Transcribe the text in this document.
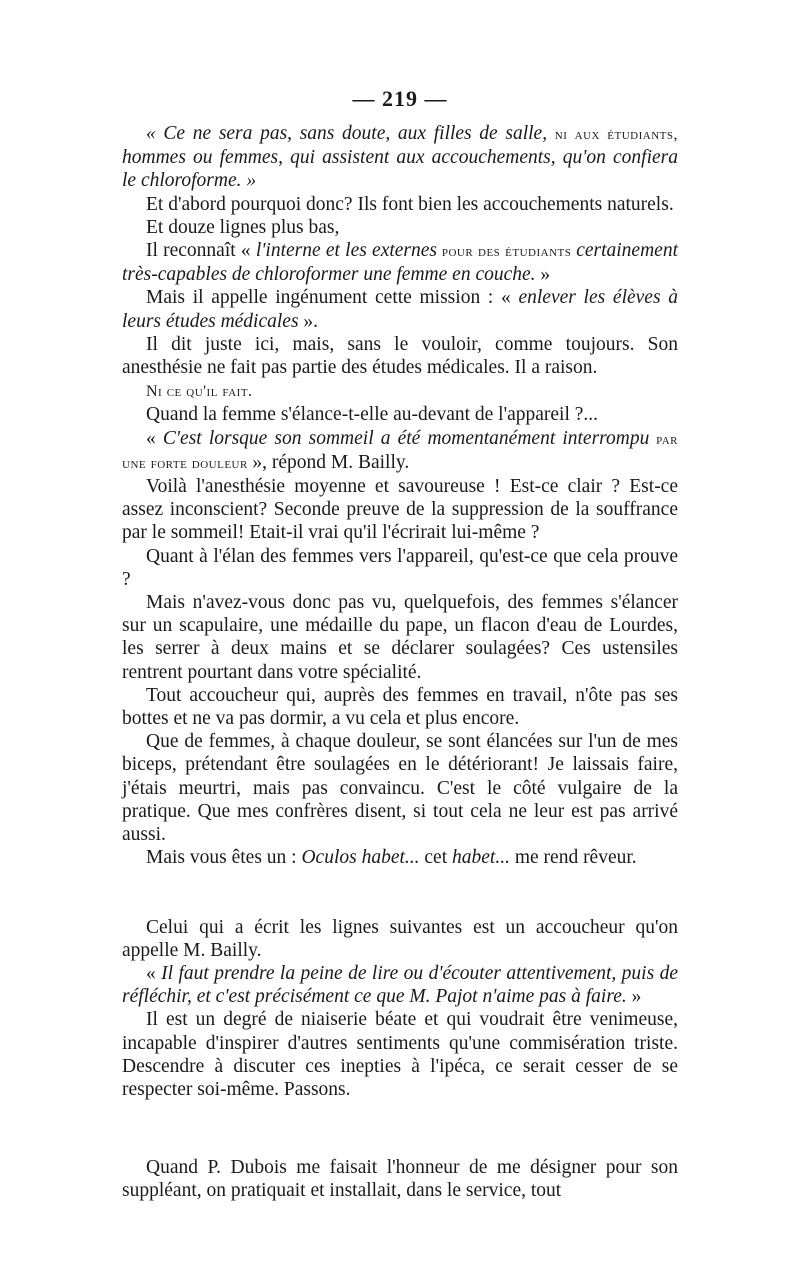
— 219 —

« Ce ne sera pas, sans doute, aux filles de salle, ni aux étudiants, hommes ou femmes, qui assistent aux accouchements, qu'on confiera le chloroforme. »

Et d'abord pourquoi donc? Ils font bien les accouchements naturels.

Et douze lignes plus bas,

Il reconnaît « l'interne et les externes pour des étudiants certainement très-capables de chloroformer une femme en couche. »

Mais il appelle ingénument cette mission : « enlever les élèves à leurs études médicales ».

Il dit juste ici, mais, sans le vouloir, comme toujours. Son anesthésie ne fait pas partie des études médicales. Il a raison.

Ni ce qu'il fait.

Quand la femme s'élance-t-elle au-devant de l'appareil ?...

« C'est lorsque son sommeil a été momentanément interrompu par une forte douleur », répond M. Bailly.

Voilà l'anesthésie moyenne et savoureuse ! Est-ce clair ? Est-ce assez inconscient? Seconde preuve de la suppression de la souffrance par le sommeil! Etait-il vrai qu'il l'écrirait lui-même ?

Quant à l'élan des femmes vers l'appareil, qu'est-ce que cela prouve ?

Mais n'avez-vous donc pas vu, quelquefois, des femmes s'élancer sur un scapulaire, une médaille du pape, un flacon d'eau de Lourdes, les serrer à deux mains et se déclarer soulagées? Ces ustensiles rentrent pourtant dans votre spécialité.

Tout accoucheur qui, auprès des femmes en travail, n'ôte pas ses bottes et ne va pas dormir, a vu cela et plus encore.

Que de femmes, à chaque douleur, se sont élancées sur l'un de mes biceps, prétendant être soulagées en le détériorant! Je laissais faire, j'étais meurtri, mais pas convaincu. C'est le côté vulgaire de la pratique. Que mes confrères disent, si tout cela ne leur est pas arrivé aussi.

Mais vous êtes un : Oculos habet... cet habet... me rend rêveur.

Celui qui a écrit les lignes suivantes est un accoucheur qu'on appelle M. Bailly.

« Il faut prendre la peine de lire ou d'écouter attentivement, puis de réfléchir, et c'est précisément ce que M. Pajot n'aime pas à faire. »

Il est un degré de niaiserie béate et qui voudrait être venimeuse, incapable d'inspirer d'autres sentiments qu'une commisération triste. Descendre à discuter ces inepties à l'ipéca, ce serait cesser de se respecter soi-même. Passons.

Quand P. Dubois me faisait l'honneur de me désigner pour son suppléant, on pratiquait et installait, dans le service, tout
